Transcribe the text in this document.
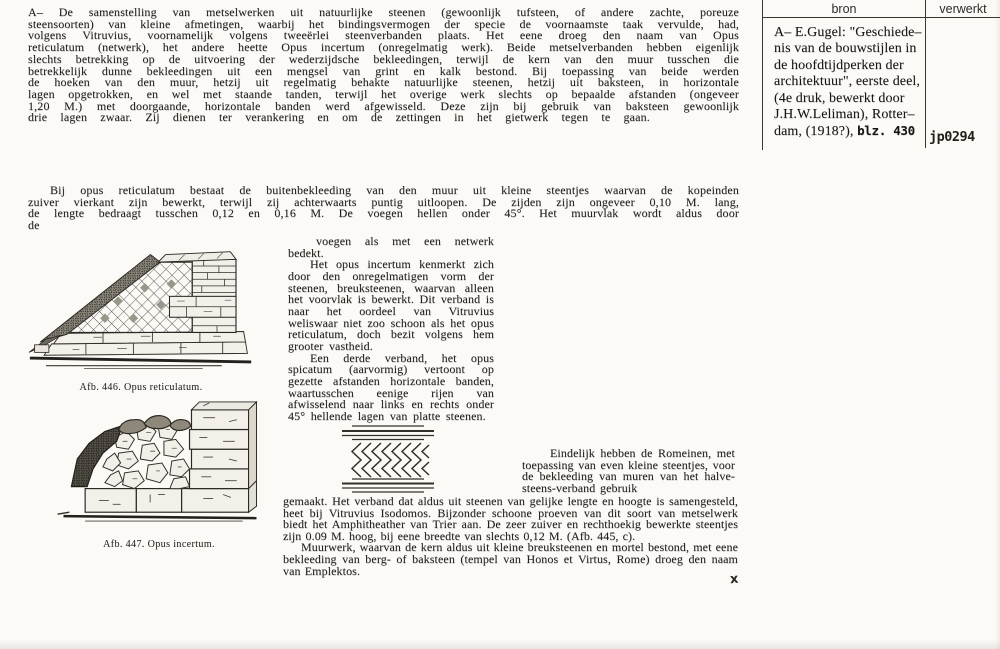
A– De samenstelling van metselwerken uit natuurlijke steenen (gewoonlijk tufsteen, of andere zachte, poreuze steensoorten) van kleine afmetingen, waarbij het bindingsvermogen der specie de voornaamste taak vervulde, had, volgens Vitruvius, voornamelijk volgens tweeërlei steenverbanden plaats. Het eene droeg den naam van Opus reticulatum (netwerk), het andere heette Opus incertum (onregelmatig werk). Beide metselverbanden hebben eigenlijk slechts betrekking op de uitvoering der wederzijdsche bekleedingen, terwijl de kern van den muur tusschen die betrekkelijk dunne bekleedingen uit een mengsel van grint en kalk bestond. Bij toepassing van beide werden de hoeken van den muur, hetzij uit regelmatig behakte natuurlijke steenen, hetzij uit baksteen, in horizontale lagen opgetrokken, en wel met staande tanden, terwijl het overige werk slechts op bepaalde afstanden (ongeveer 1,20 M.) met doorgaande, horizontale banden werd afgewisseld. Deze zijn bij gebruik van baksteen gewoonlijk drie lagen zwaar. Zij dienen ter verankering en om de zettingen in het gietwerk tegen te gaan.
Bij opus reticulatum bestaat de buitenbekleeding van den muur uit kleine steentjes waarvan de kopeinden zuiver vierkant zijn bewerkt, terwijl zij achterwaarts puntig uitloopen. De zijden zijn ongeveer 0,10 M. lang, de lengte bedraagt tusschen 0,12 en 0,16 M. De voegen hellen onder 45°. Het muurvlak wordt aldus door de

voegen als met een netwerk bedekt.

Het opus incertum kenmerkt zich door den onregelmatigen vorm der steenen, breuksteenen, waarvan alleen het voorvlak is bewerkt. Dit verband is naar het oordeel van Vitruvius weliswaar niet zoo schoon als het opus reticulatum, doch bezit volgens hem grooter vastheid.

Een derde verband, het opus spicatum (aarvormig) vertoont op gezette afstanden horizontale banden, waartusschen eenige rijen van afwisselend naar links en rechts onder 45° hellende lagen van platte steenen.

Afb. 446. Opus reticulatum.
Afb. 447. Opus incertum.

Eindelijk hebben de Romeinen, met toepassing van even kleine steentjes, voor de bekleeding van muren van het halve-steens-verband gebruik

gemaakt. Het verband dat aldus uit steenen van gelijke lengte en hoogte is samengesteld, heet bij Vitruvius Isodomos. Bijzonder schoone proeven van dit soort van metselwerk biedt het Amphitheather van Trier aan. De zeer zuiver en rechthoekig bewerkte steentjes zijn 0.09 M. hoog, bij eene breedte van slechts 0,12 M. (Afb. 445, c).

Muurwerk, waarvan de kern aldus uit kleine breuksteenen en mortel bestond, met eene bekleeding van berg- of baksteen (tempel van Honos et Virtus, Rome) droeg den naam van Emplektos.

x
bron	verwerkt
A– E.Gugel: "Geschiede–
nis van de bouwstijlen in
de hoofdtijdperken der
architektuur", eerste deel,
(4e druk, bewerkt door
J.H.W.Leliman), Rotter–
dam, (1918?), blz. 430	jp0294
